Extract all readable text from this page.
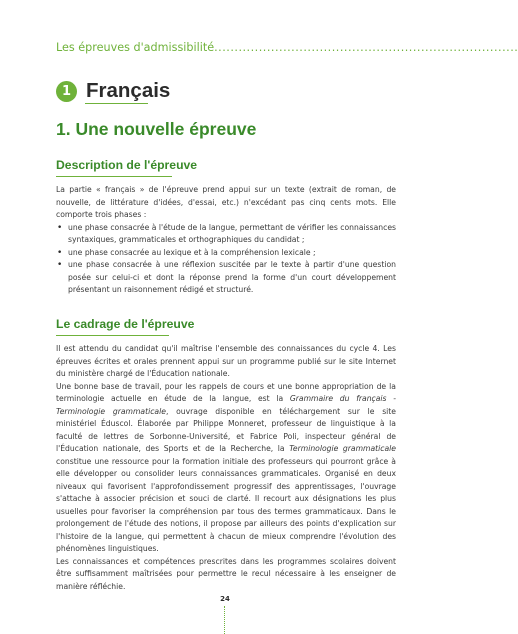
Les épreuves d'admissibilité...........................................................................
1 Français
1. Une nouvelle épreuve
Description de l'épreuve

La partie « français » de l'épreuve prend appui sur un texte (extrait de roman, de nouvelle, de littérature d'idées, d'essai, etc.) n'excédant pas cinq cents mots. Elle comporte trois phases :

• une phase consacrée à l'étude de la langue, permettant de vérifier les connaissances syntaxiques, grammaticales et orthographiques du candidat ;
• une phase consacrée au lexique et à la compréhension lexicale ;
• une phase consacrée à une réflexion suscitée par le texte à partir d'une question posée sur celui-ci et dont la réponse prend la forme d'un court développement présentant un raisonnement rédigé et structuré.
Le cadrage de l'épreuve

Il est attendu du candidat qu'il maîtrise l'ensemble des connaissances du cycle 4. Les épreuves écrites et orales prennent appui sur un programme publié sur le site Internet du ministère chargé de l'Éducation nationale.

Une bonne base de travail, pour les rappels de cours et une bonne appropriation de la terminologie actuelle en étude de la langue, est la Grammaire du français - Terminologie grammaticale, ouvrage disponible en téléchargement sur le site ministériel Éduscol. Élaborée par Philippe Monneret, professeur de linguistique à la faculté de lettres de Sorbonne-Université, et Fabrice Poli, inspecteur général de l'Éducation nationale, des Sports et de la Recherche, la Terminologie grammaticale constitue une ressource pour la formation initiale des professeurs qui pourront grâce à elle développer ou consolider leurs connaissances grammaticales. Organisé en deux niveaux qui favorisent l'approfondissement progressif des apprentissages, l'ouvrage s'attache à associer précision et souci de clarté. Il recourt aux désignations les plus usuelles pour favoriser la compréhension par tous des termes grammaticaux. Dans le prolongement de l'étude des notions, il propose par ailleurs des points d'explication sur l'histoire de la langue, qui permettent à chacun de mieux comprendre l'évolution des phénomènes linguistiques.

Les connaissances et compétences prescrites dans les programmes scolaires doivent être suffisamment maîtrisées pour permettre le recul nécessaire à les enseigner de manière réfléchie.

24
